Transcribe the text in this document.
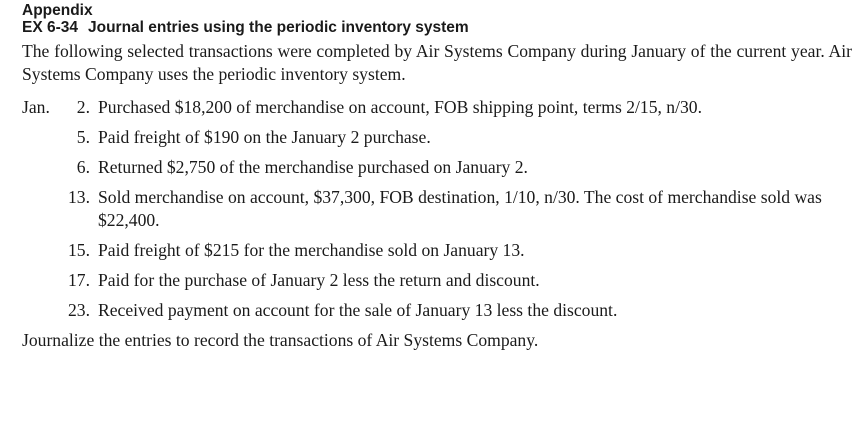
Appendix

EX 6-34 Journal entries using the periodic inventory system

The following selected transactions were completed by Air Systems Company during January of the current year. Air Systems Company uses the periodic inventory system.

Jan.	2. Purchased $18,200 of merchandise on account, FOB shipping point, terms 2/15, n/30.
5. Paid freight of $190 on the January 2 purchase.
6. Returned $2,750 of the merchandise purchased on January 2.
13. Sold merchandise on account, $37,300, FOB destination, 1/10, n/30. The cost of merchandise sold was $22,400.
15. Paid freight of $215 for the merchandise sold on January 13.
17. Paid for the purchase of January 2 less the return and discount.
23. Received payment on account for the sale of January 13 less the discount.

Journalize the entries to record the transactions of Air Systems Company.
